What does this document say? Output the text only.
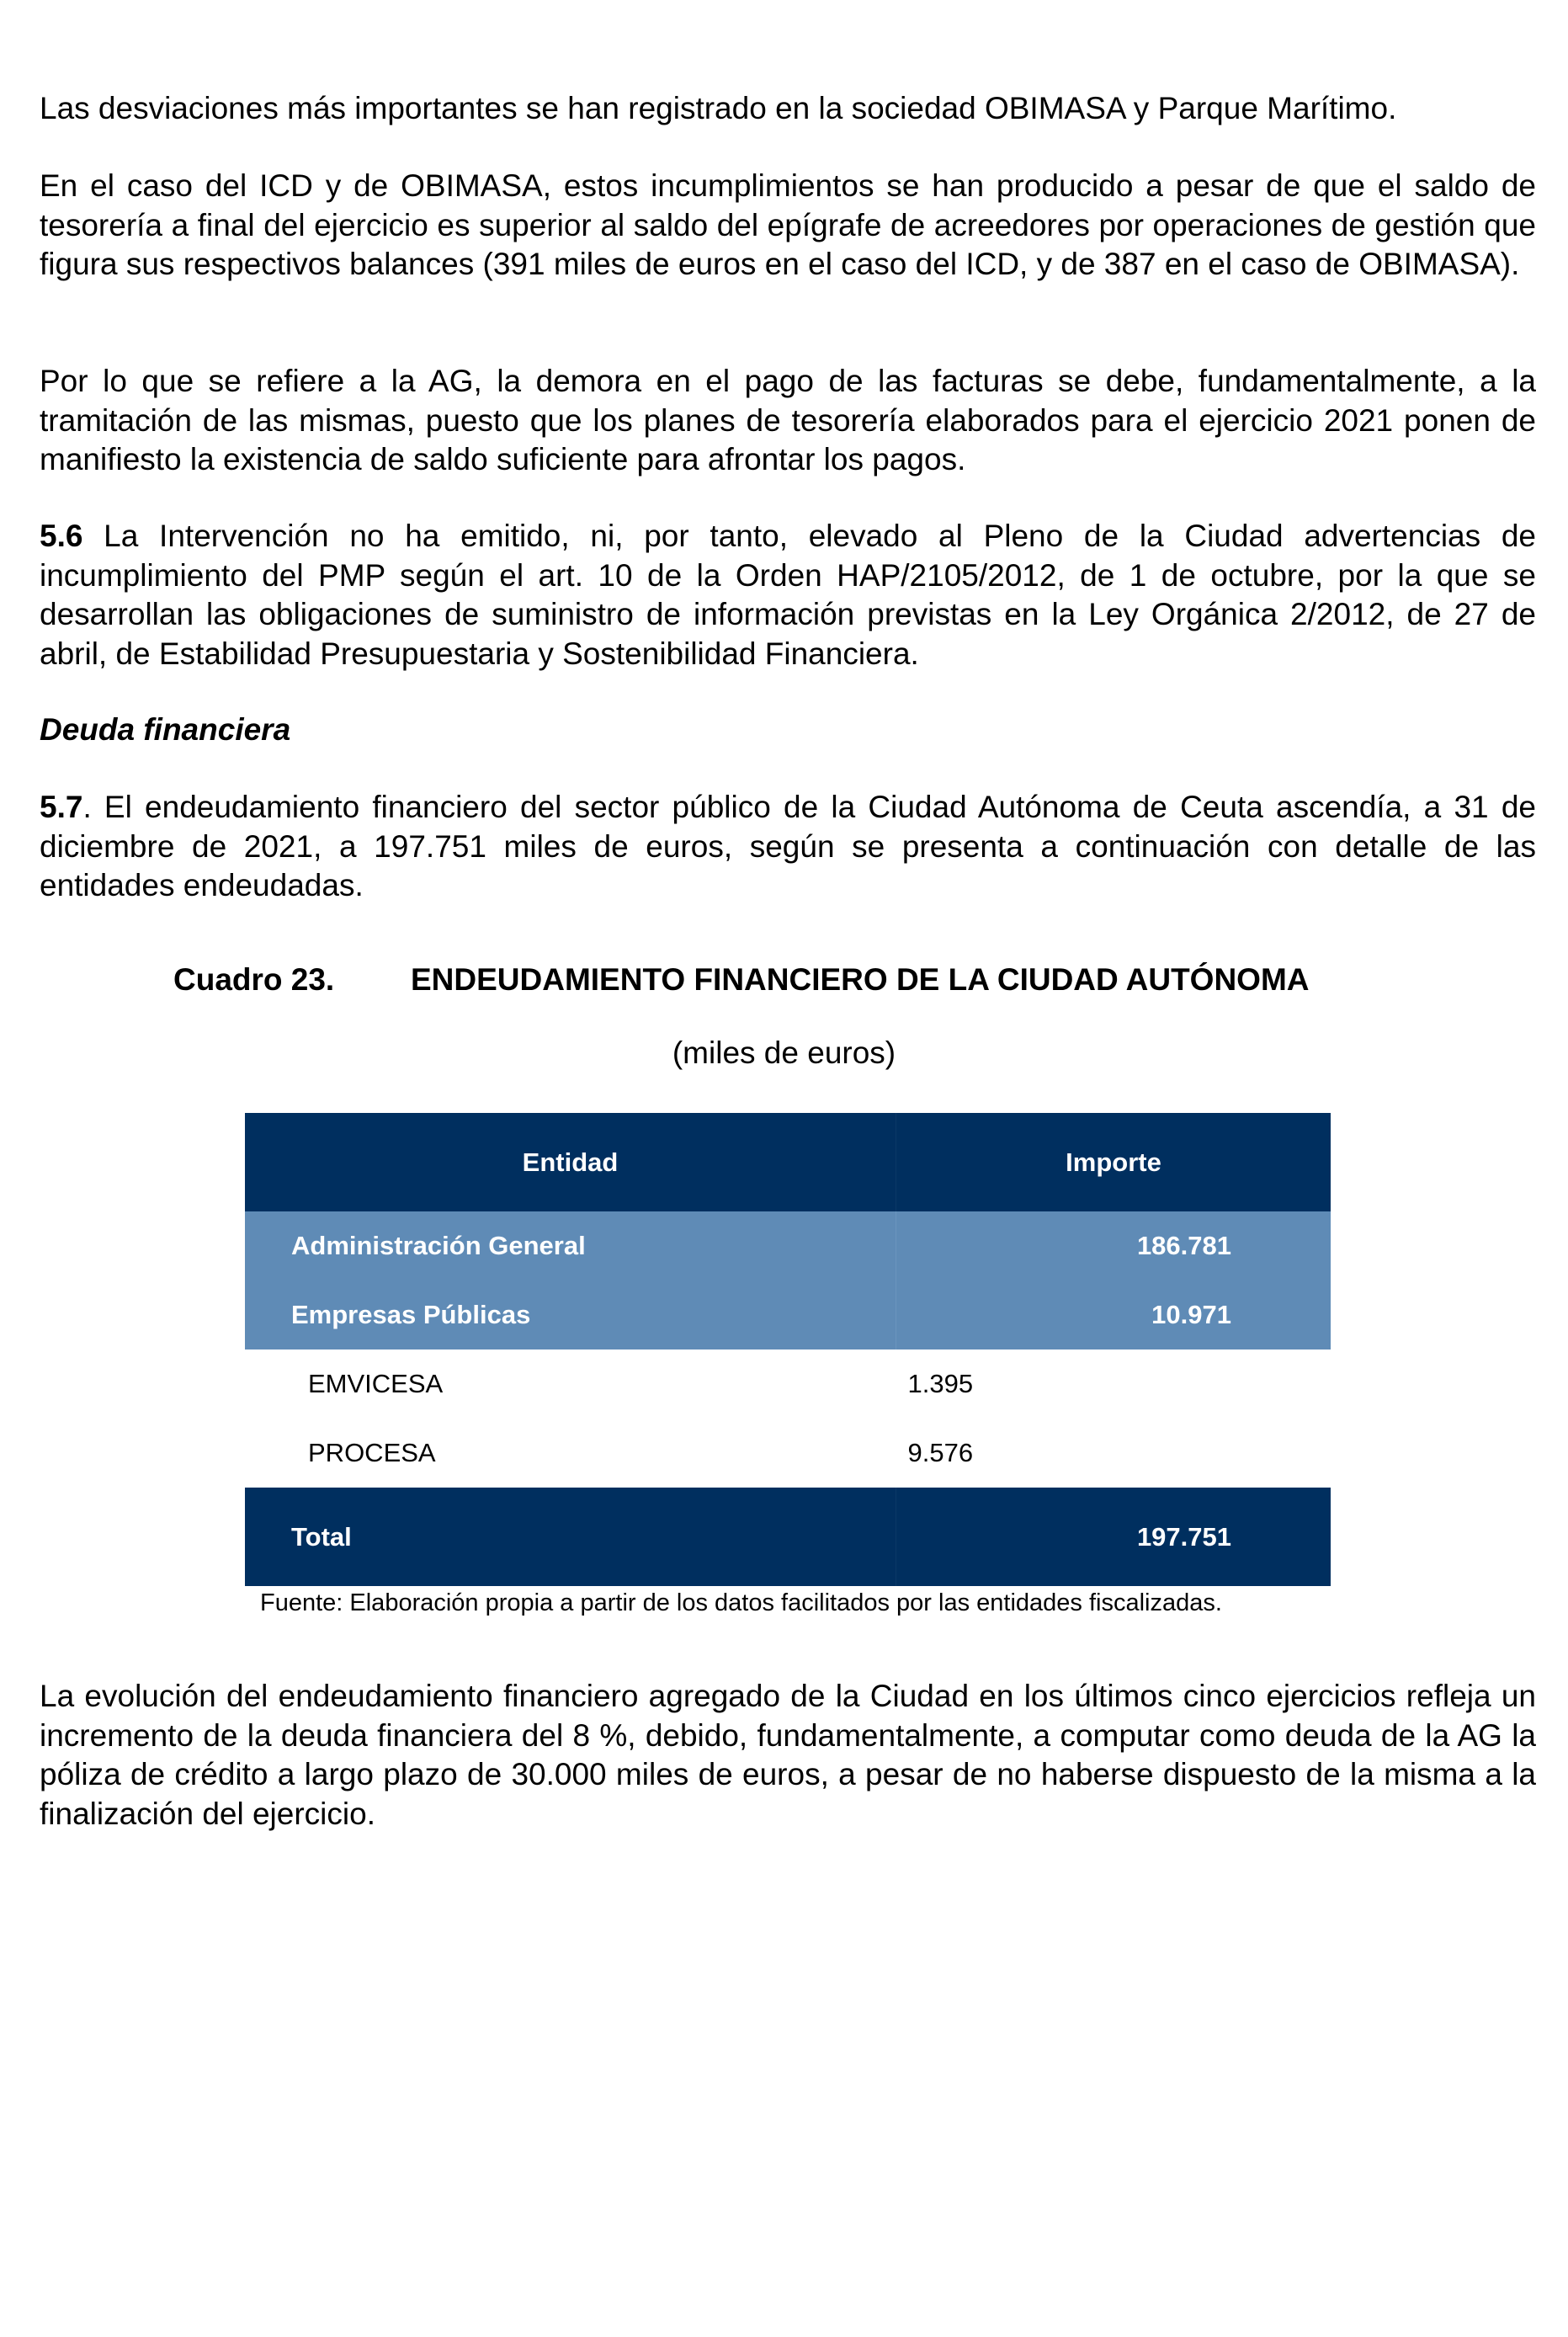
Las desviaciones más importantes se han registrado en la sociedad OBIMASA y Parque Marítimo.

En el caso del ICD y de OBIMASA, estos incumplimientos se han producido a pesar de que el saldo de tesorería a final del ejercicio es superior al saldo del epígrafe de acreedores por operaciones de gestión que figura sus respectivos balances (391 miles de euros en el caso del ICD, y de 387 en el caso de OBIMASA).

Por lo que se refiere a la AG, la demora en el pago de las facturas se debe, fundamentalmente, a la tramitación de las mismas, puesto que los planes de tesorería elaborados para el ejercicio 2021 ponen de manifiesto la existencia de saldo suficiente para afrontar los pagos.

5.6 La Intervención no ha emitido, ni, por tanto, elevado al Pleno de la Ciudad advertencias de incumplimiento del PMP según el art. 10 de la Orden HAP/2105/2012, de 1 de octubre, por la que se desarrollan las obligaciones de suministro de información previstas en la Ley Orgánica 2/2012, de 27 de abril, de Estabilidad Presupuestaria y Sostenibilidad Financiera.

Deuda financiera

5.7. El endeudamiento financiero del sector público de la Ciudad Autónoma de Ceuta ascendía, a 31 de diciembre de 2021, a 197.751 miles de euros, según se presenta a continuación con detalle de las entidades endeudadas.

Cuadro 23. ENDEUDAMIENTO FINANCIERO DE LA CIUDAD AUTÓNOMA
(miles de euros)
Entidad	Importe
Administración General	186.781
Empresas Públicas	10.971
EMVICESA	1.395
PROCESA	9.576
Total	197.751
Fuente: Elaboración propia a partir de los datos facilitados por las entidades fiscalizadas.

La evolución del endeudamiento financiero agregado de la Ciudad en los últimos cinco ejercicios refleja un incremento de la deuda financiera del 8 %, debido, fundamentalmente, a computar como deuda de la AG la póliza de crédito a largo plazo de 30.000 miles de euros, a pesar de no haberse dispuesto de la misma a la finalización del ejercicio.
